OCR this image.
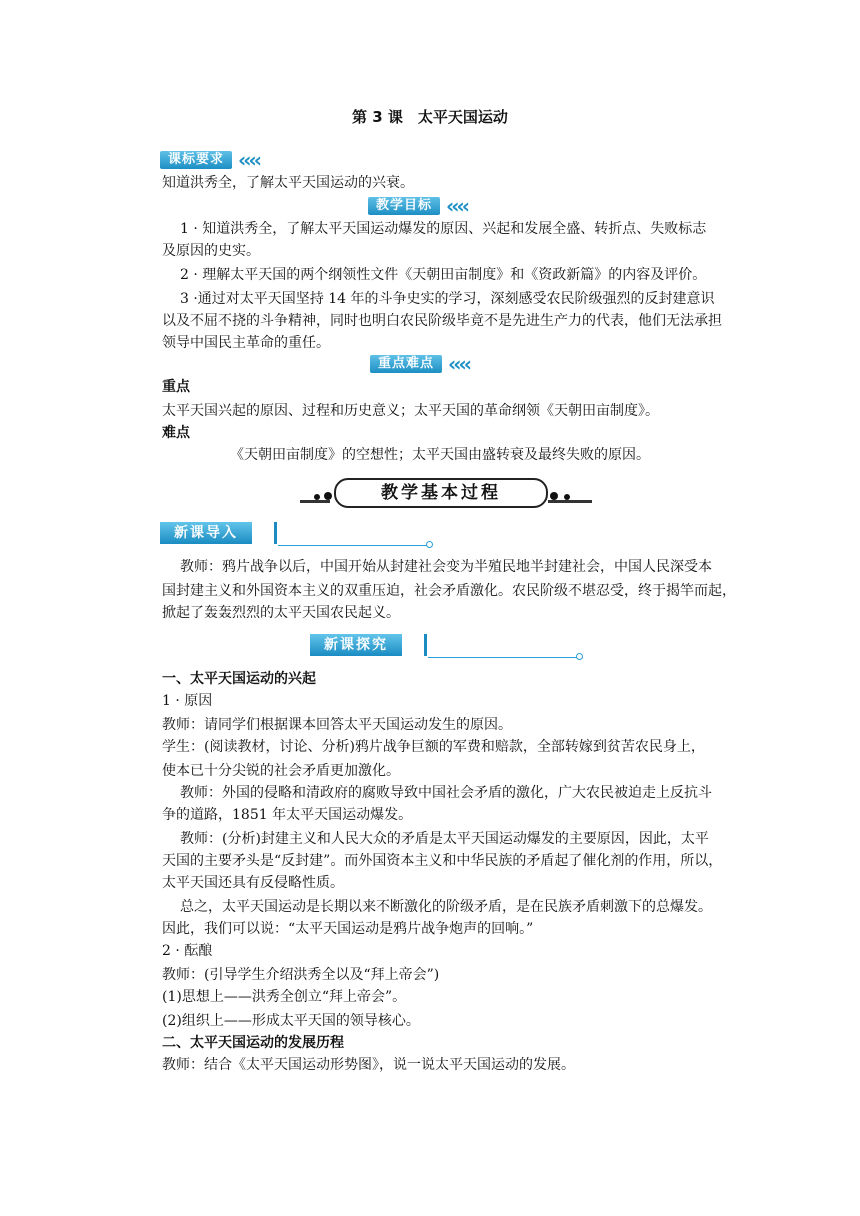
第 3 课　太平天国运动
课标要求 ‹‹‹‹
知道洪秀全，了解太平天国运动的兴衰。
教学目标 ‹‹‹‹
1 · 知道洪秀全，了解太平天国运动爆发的原因、兴起和发展全盛、转折点、失败标志
及原因的史实。
2 · 理解太平天国的两个纲领性文件《天朝田亩制度》和《资政新篇》的内容及评价。
3 ·通过对太平天国坚持 14 年的斗争史实的学习，深刻感受农民阶级强烈的反封建意识
以及不屈不挠的斗争精神，同时也明白农民阶级毕竟不是先进生产力的代表，他们无法承担
领导中国民主革命的重任。
重点难点 ‹‹‹‹
重点
太平天国兴起的原因、过程和历史意义；太平天国的革命纲领《天朝田亩制度》。
难点
《天朝田亩制度》的空想性；太平天国由盛转衰及最终失败的原因。
教学基本过程
新课导入
教师：鸦片战争以后，中国开始从封建社会变为半殖民地半封建社会，中国人民深受本
国封建主义和外国资本主义的双重压迫，社会矛盾激化。农民阶级不堪忍受，终于揭竿而起，
掀起了轰轰烈烈的太平天国农民起义。
新课探究
一、太平天国运动的兴起
1 · 原因
教师：请同学们根据课本回答太平天国运动发生的原因。
学生：(阅读教材，讨论、分析)鸦片战争巨额的军费和赔款，全部转嫁到贫苦农民身上，
使本已十分尖锐的社会矛盾更加激化。
教师：外国的侵略和清政府的腐败导致中国社会矛盾的激化，广大农民被迫走上反抗斗
争的道路，1851 年太平天国运动爆发。
教师：(分析)封建主义和人民大众的矛盾是太平天国运动爆发的主要原因，因此，太平
天国的主要矛头是“反封建”。而外国资本主义和中华民族的矛盾起了催化剂的作用，所以，
太平天国还具有反侵略性质。
总之，太平天国运动是长期以来不断激化的阶级矛盾，是在民族矛盾刺激下的总爆发。
因此，我们可以说：“太平天国运动是鸦片战争炮声的回响。”
2 · 酝酿
教师：(引导学生介绍洪秀全以及“拜上帝会”)
(1)思想上——洪秀全创立“拜上帝会”。
(2)组织上——形成太平天国的领导核心。
二、太平天国运动的发展历程
教师：结合《太平天国运动形势图》，说一说太平天国运动的发展。
